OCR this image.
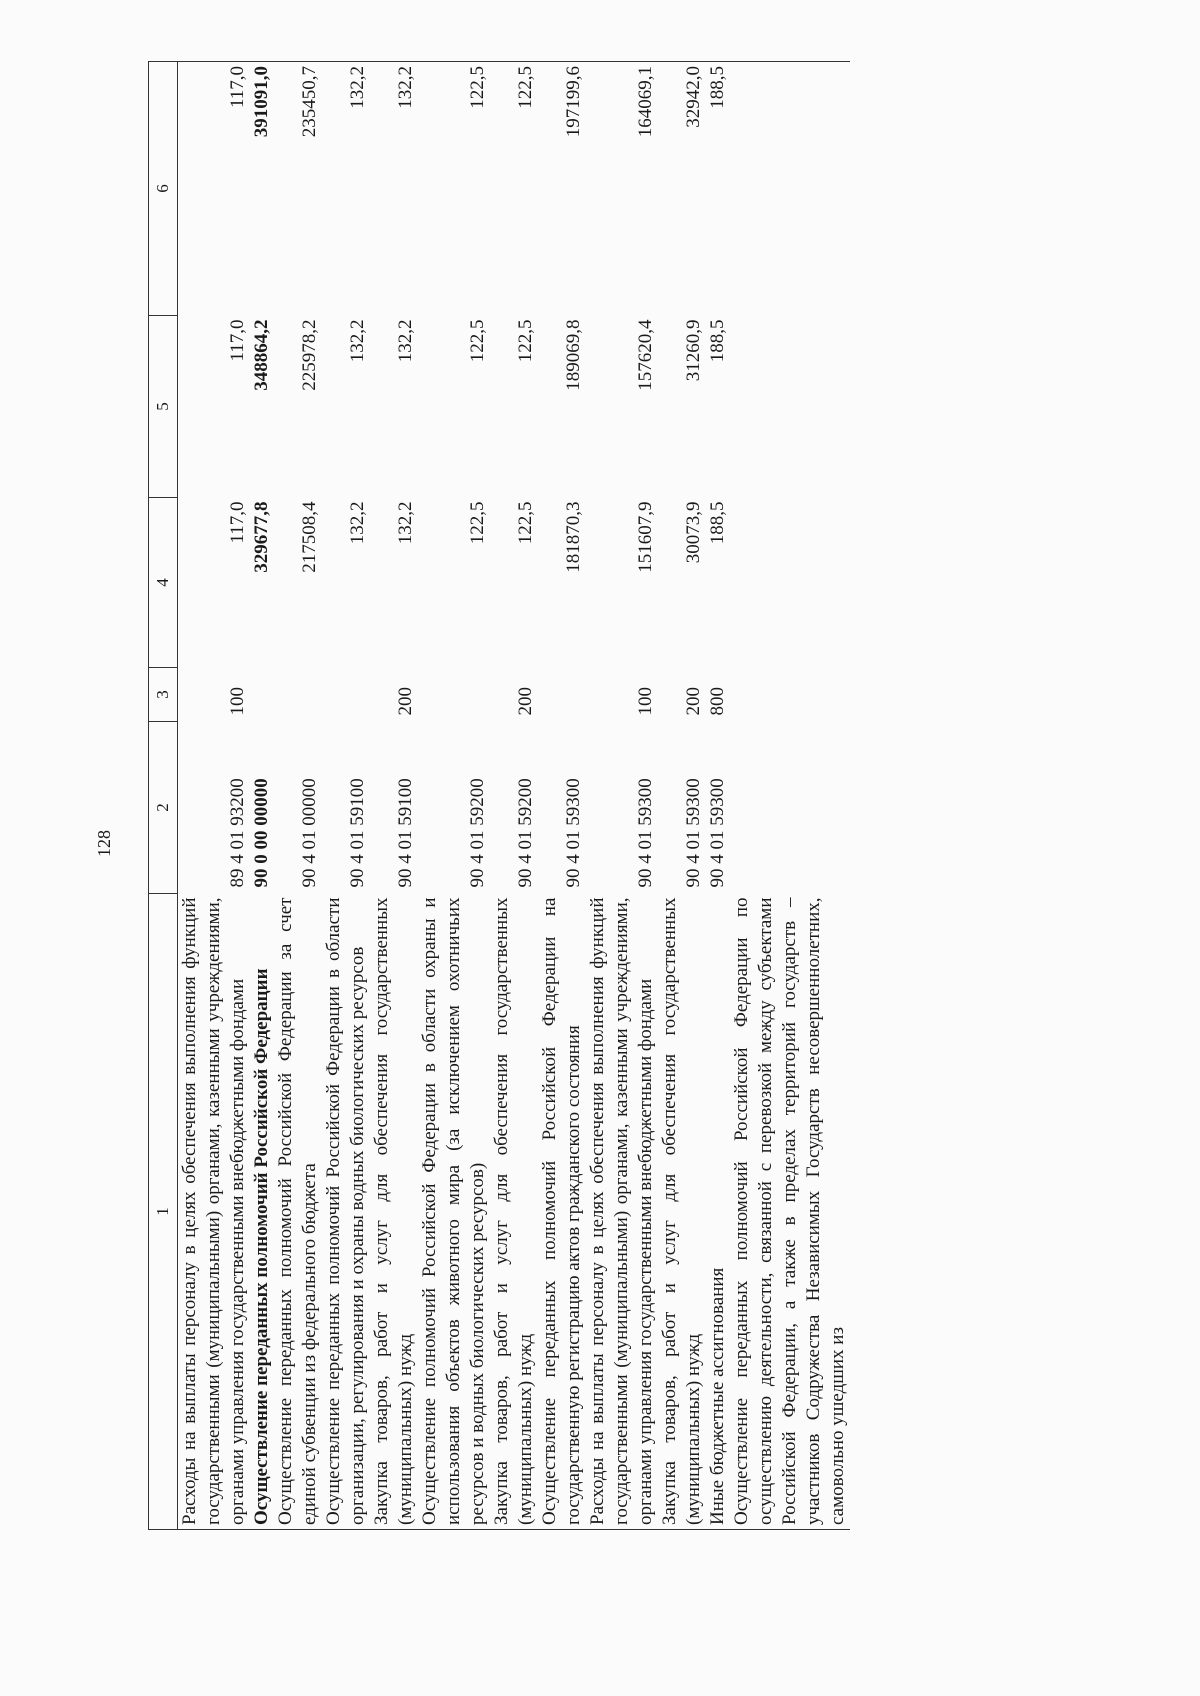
128
1	2	3	4	5	6
Расходы на выплаты персоналу в целях обеспечения выполнения функций государственными (муниципальными) органами, казенными учреждениями, органами управления государственными внебюджетными фондами	89 4 01 93200	100	117,0	117,0	117,0
Осуществление переданных полномочий Российской Федерации	90 0 00 00000		329677,8	348864,2	391091,0
Осуществление переданных полномочий Российской Федерации за счет единой субвенции из федерального бюджета	90 4 01 00000		217508,4	225978,2	235450,7
Осуществление переданных полномочий Российской Федерации в области организации, регулирования и охраны водных биологических ресурсов	90 4 01 59100		132,2	132,2	132,2
Закупка товаров, работ и услуг для обеспечения государственных (муниципальных) нужд	90 4 01 59100	200	132,2	132,2	132,2
Осуществление полномочий Российской Федерации в области охраны и использования объектов животного мира (за исключением охотничьих ресурсов и водных биологических ресурсов)	90 4 01 59200		122,5	122,5	122,5
Закупка товаров, работ и услуг для обеспечения государственных (муниципальных) нужд	90 4 01 59200	200	122,5	122,5	122,5
Осуществление переданных полномочий Российской Федерации на государственную регистрацию актов гражданского состояния	90 4 01 59300		181870,3	189069,8	197199,6
Расходы на выплаты персоналу в целях обеспечения выполнения функций государственными (муниципальными) органами, казенными учреждениями, органами управления государственными внебюджетными фондами	90 4 01 59300	100	151607,9	157620,4	164069,1
Закупка товаров, работ и услуг для обеспечения государственных (муниципальных) нужд	90 4 01 59300	200	30073,9	31260,9	32942,0
Иные бюджетные ассигнования	90 4 01 59300	800	188,5	188,5	188,5
Осуществление переданных полномочий Российской Федерации по осуществлению деятельности, связанной с перевозкой между субъектами Российской Федерации, а также в пределах территорий государств – участников Содружества Независимых Государств несовершеннолетних, самовольно ушедших из					
